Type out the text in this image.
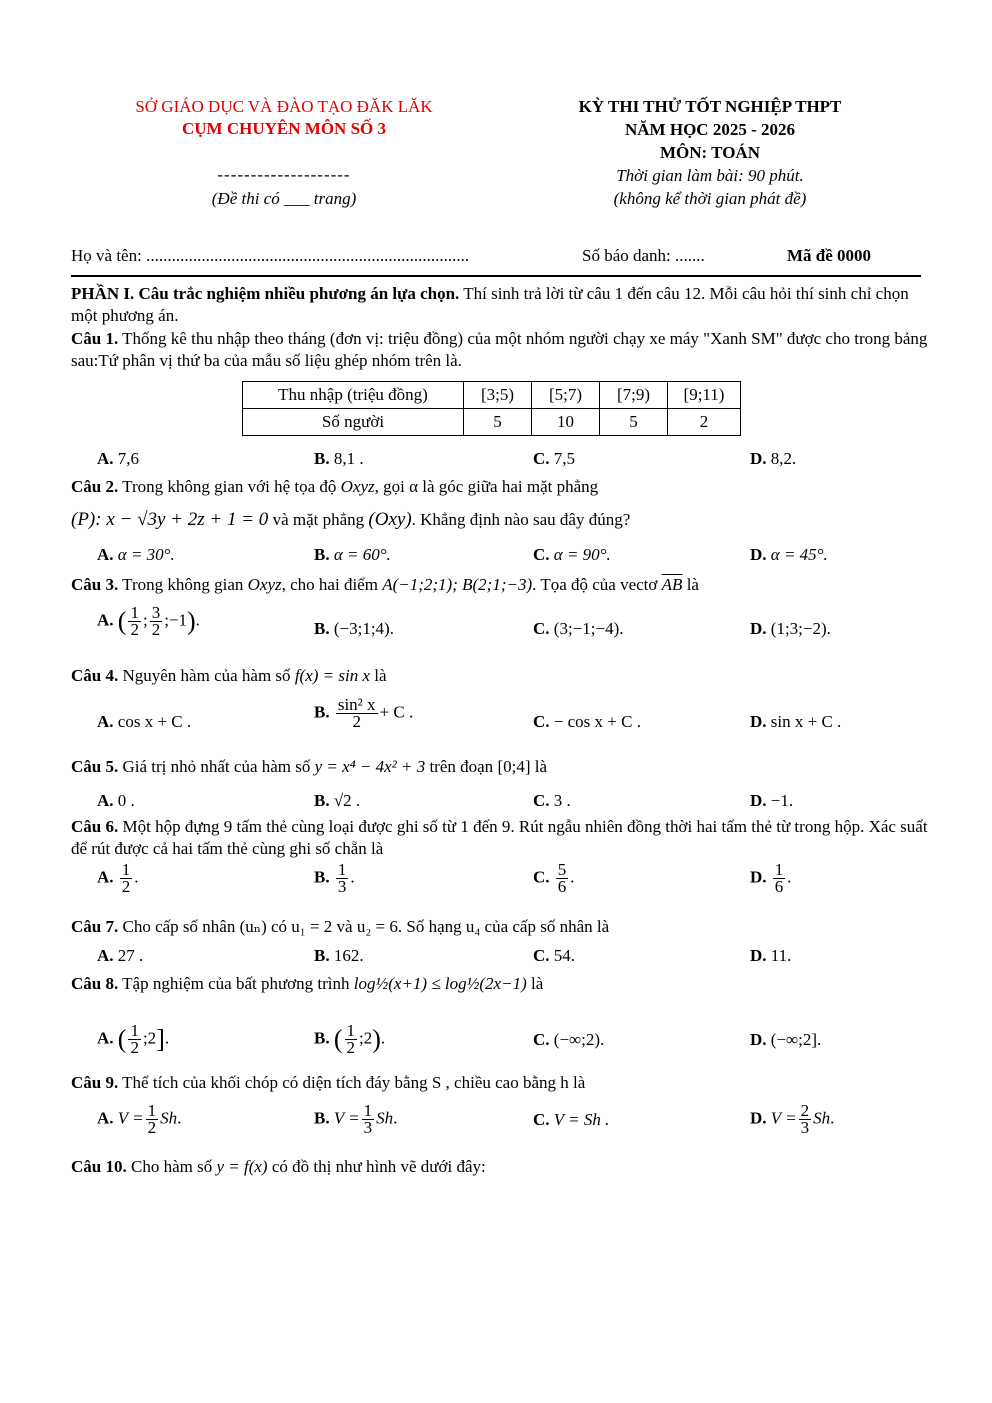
SỞ GIÁO DỤC VÀ ĐÀO TẠO ĐĂK LĂK
CỤM CHUYÊN MÔN SỐ 3
--------------------
(Đề thi có ___ trang)
KỲ THI THỬ TỐT NGHIỆP THPT
NĂM HỌC 2025 - 2026
MÔN: TOÁN
Thời gian làm bài: 90 phút.
(không kể thời gian phát đề)
Họ và tên: ............................................................................	Số báo danh: .......	Mã đề 0000
PHẦN I. Câu trắc nghiệm nhiều phương án lựa chọn. Thí sinh trả lời từ câu 1 đến câu 12. Mỗi câu hỏi thí sinh chỉ chọn một phương án.
Câu 1. Thống kê thu nhập theo tháng (đơn vị: triệu đồng) của một nhóm người chạy xe máy "Xanh SM" được cho trong bảng sau:Tứ phân vị thứ ba của mẫu số liệu ghép nhóm trên là.
Thu nhập (triệu đồng)	[3;5)	[5;7)	[7;9)	[9;11)
Số người	5	10	5	2
A. 7,6	B. 8,1 .	C. 7,5	D. 8,2.
Câu 2. Trong không gian với hệ tọa độ Oxyz, gọi α là góc giữa hai mặt phẳng
(P): x − √3y + 2z + 1 = 0 và mặt phẳng (Oxy). Khẳng định nào sau đây đúng?
A. α = 30°.	B. α = 60°.	C. α = 90°.	D. α = 45°.
Câu 3. Trong không gian Oxyz, cho hai điểm A(−1;2;1); B(2;1;−3). Tọa độ của vectơ $\overline{AB}$ là
A. ( $\frac{1}{2}$ ; $\frac{3}{2}$ ;−1).	B. (−3;1;4).	C. (3;−1;−4).	D. (1;3;−2).
Câu 4. Nguyên hàm của hàm số f(x) = sin x là
A. cos x + C .
B. $\frac{\text{sin² x}}{2} + C$ .
C. − cos x + C .	D. sin x + C .
Câu 5. Giá trị nhỏ nhất của hàm số y = x⁴ − 4x² + 3 trên đoạn [0;4] là
A. 0 .	B. √2 .	C. 3 .	D. −1.
Câu 6. Một hộp đựng 9 tấm thẻ cùng loại được ghi số từ 1 đến 9. Rút ngẫu nhiên đồng thời hai tấm thẻ từ trong hộp. Xác suất để rút được cả hai tấm thẻ cùng ghi số chẵn là
A. $\frac{1}{2}$ .	B. $\frac{1}{3}$ .	C. $\frac{5}{6}$ .	D. $\frac{1}{6}$ .
Câu 7. Cho cấp số nhân (uₙ) có u₁ = 2 và u₂ = 6. Số hạng u₄ của cấp số nhân là
A. 27 .	B. 162.	C. 54.	D. 11.
Câu 8. Tập nghiệm của bất phương trình log½(x+1) ≤ log½(2x−1) là
A. ( $\frac{1}{2}$ ;2].	B. ( $\frac{1}{2}$ ;2).	C. (−∞;2).	D. (−∞;2].
Câu 9. Thể tích của khối chóp có diện tích đáy bằng S , chiều cao bằng h là
A. $V = \frac{1}{2} Sh$.	B. $V = \frac{1}{3} Sh$.	C. V = Sh .	D. $V = \frac{2}{3} Sh$.
Câu 10. Cho hàm số y = f(x) có đồ thị như hình vẽ dưới đây:
